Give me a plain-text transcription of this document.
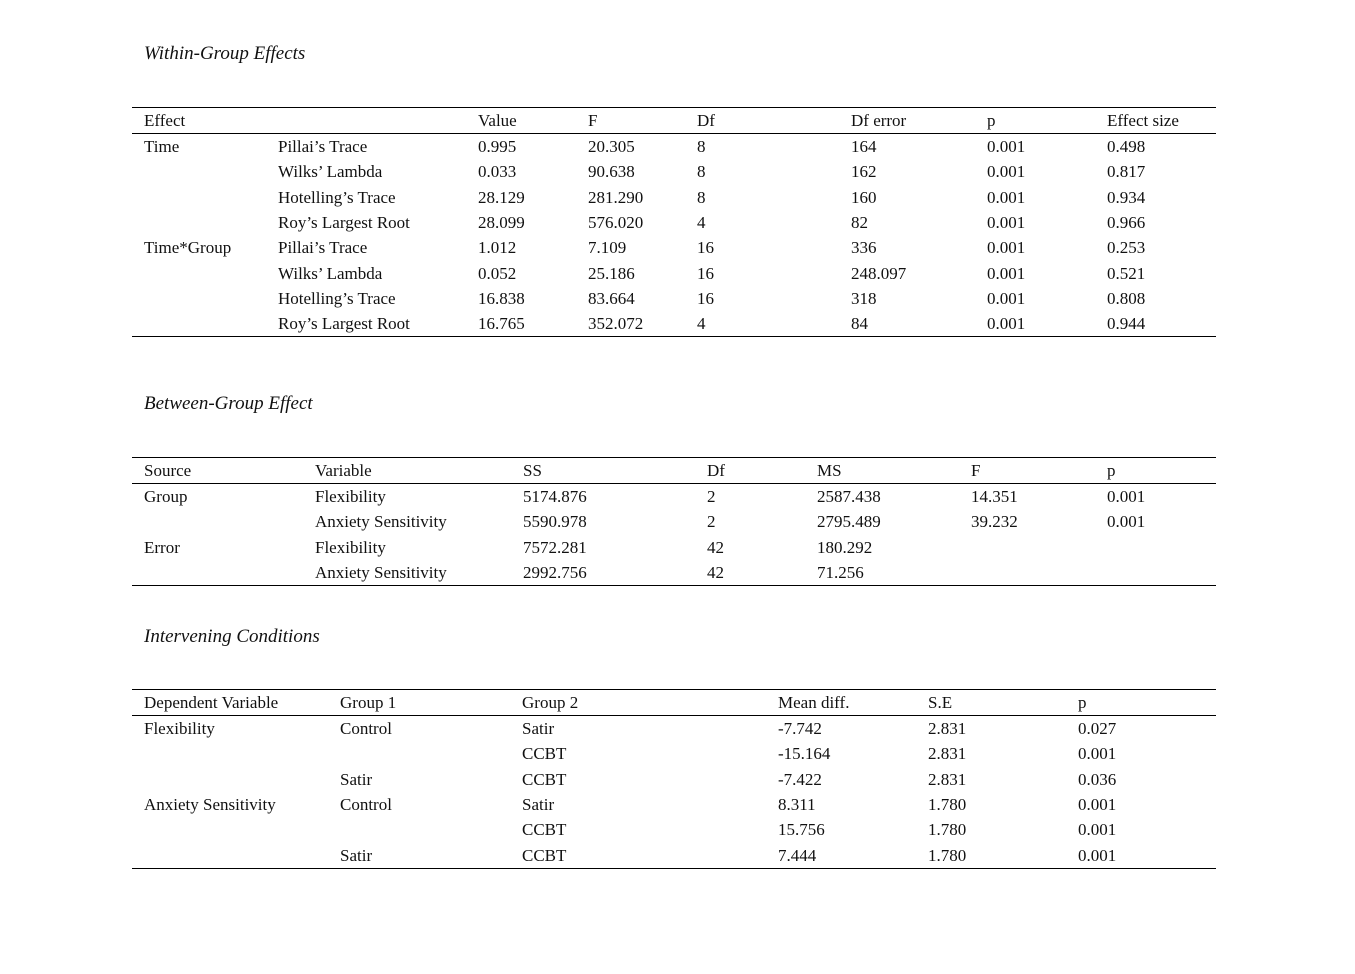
Within-Group Effects
Effect		Value	F	Df	Df error	p	Effect size
Time	Pillai’s Trace	0.995	20.305	8	164	0.001	0.498
	Wilks’ Lambda	0.033	90.638	8	162	0.001	0.817
	Hotelling’s Trace	28.129	281.290	8	160	0.001	0.934
	Roy’s Largest Root	28.099	576.020	4	82	0.001	0.966
Time*Group	Pillai’s Trace	1.012	7.109	16	336	0.001	0.253
	Wilks’ Lambda	0.052	25.186	16	248.097	0.001	0.521
	Hotelling’s Trace	16.838	83.664	16	318	0.001	0.808
	Roy’s Largest Root	16.765	352.072	4	84	0.001	0.944
Between-Group Effect
Source	Variable	SS	Df	MS	F	p
Group	Flexibility	5174.876	2	2587.438	14.351	0.001
	Anxiety Sensitivity	5590.978	2	2795.489	39.232	0.001
Error	Flexibility	7572.281	42	180.292		
	Anxiety Sensitivity	2992.756	42	71.256		
Intervening Conditions
Dependent Variable	Group 1	Group 2	Mean diff.	S.E	p
Flexibility	Control	Satir	-7.742	2.831	0.027
		CCBT	-15.164	2.831	0.001
	Satir	CCBT	-7.422	2.831	0.036
Anxiety Sensitivity	Control	Satir	8.311	1.780	0.001
		CCBT	15.756	1.780	0.001
	Satir	CCBT	7.444	1.780	0.001
